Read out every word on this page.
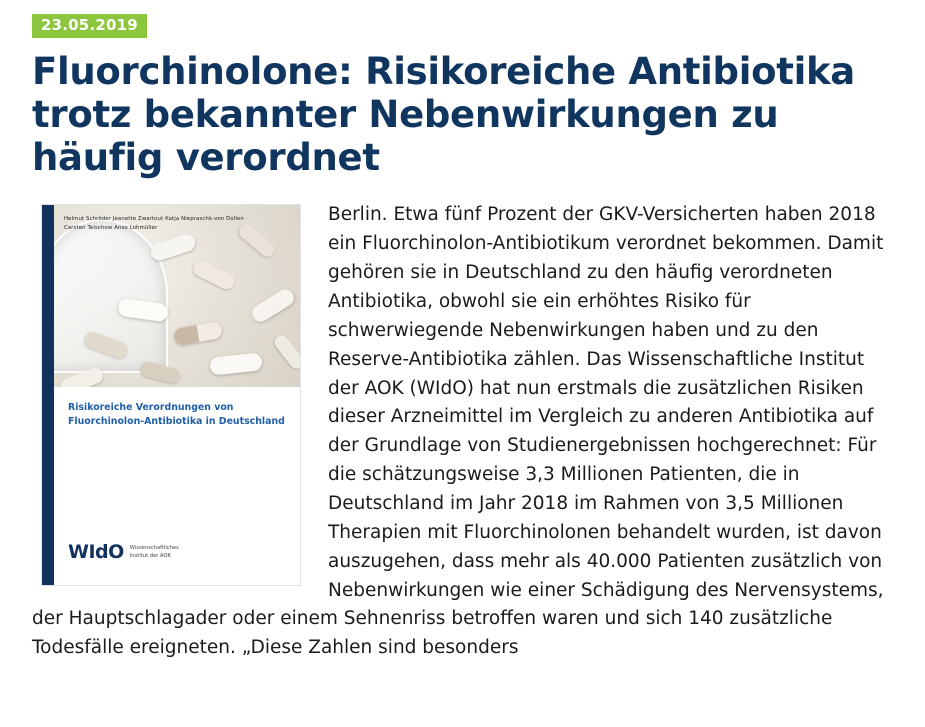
23.05.2019
Fluorchinolone: Risikoreiche Antibiotika trotz bekannter Nebenwirkungen zu häufig verordnet
Helmut Schröder Jeanette Zwartout Katja Niepraschk-von Dollen
Carsten Telschow Anso Lohmüller
Risikoreiche Verordnungen von Fluorchinolon-Antibiotika in Deutschland
WIdO Wissenschaftliches
Institut der AOK

Berlin. Etwa fünf Prozent der GKV-Versicherten haben 2018 ein Fluorchinolon-Antibiotikum verordnet bekommen. Damit gehören sie in Deutschland zu den häufig verordneten Antibiotika, obwohl sie ein erhöhtes Risiko für schwerwiegende Nebenwirkungen haben und zu den Reserve-Antibiotika zählen. Das Wissenschaftliche Institut der AOK (WIdO) hat nun erstmals die zusätzlichen Risiken dieser Arzneimittel im Vergleich zu anderen Antibiotika auf der Grundlage von Studienergebnissen hochgerechnet: Für die schätzungsweise 3,3 Millionen Patienten, die in Deutschland im Jahr 2018 im Rahmen von 3,5 Millionen Therapien mit Fluorchinolonen behandelt wurden, ist davon auszugehen, dass mehr als 40.000 Patienten zusätzlich von Nebenwirkungen wie einer Schädigung des Nervensystems, der Hauptschlagader oder einem Sehnenriss betroffen waren und sich 140 zusätzliche Todesfälle ereigneten. „Diese Zahlen sind besonders
